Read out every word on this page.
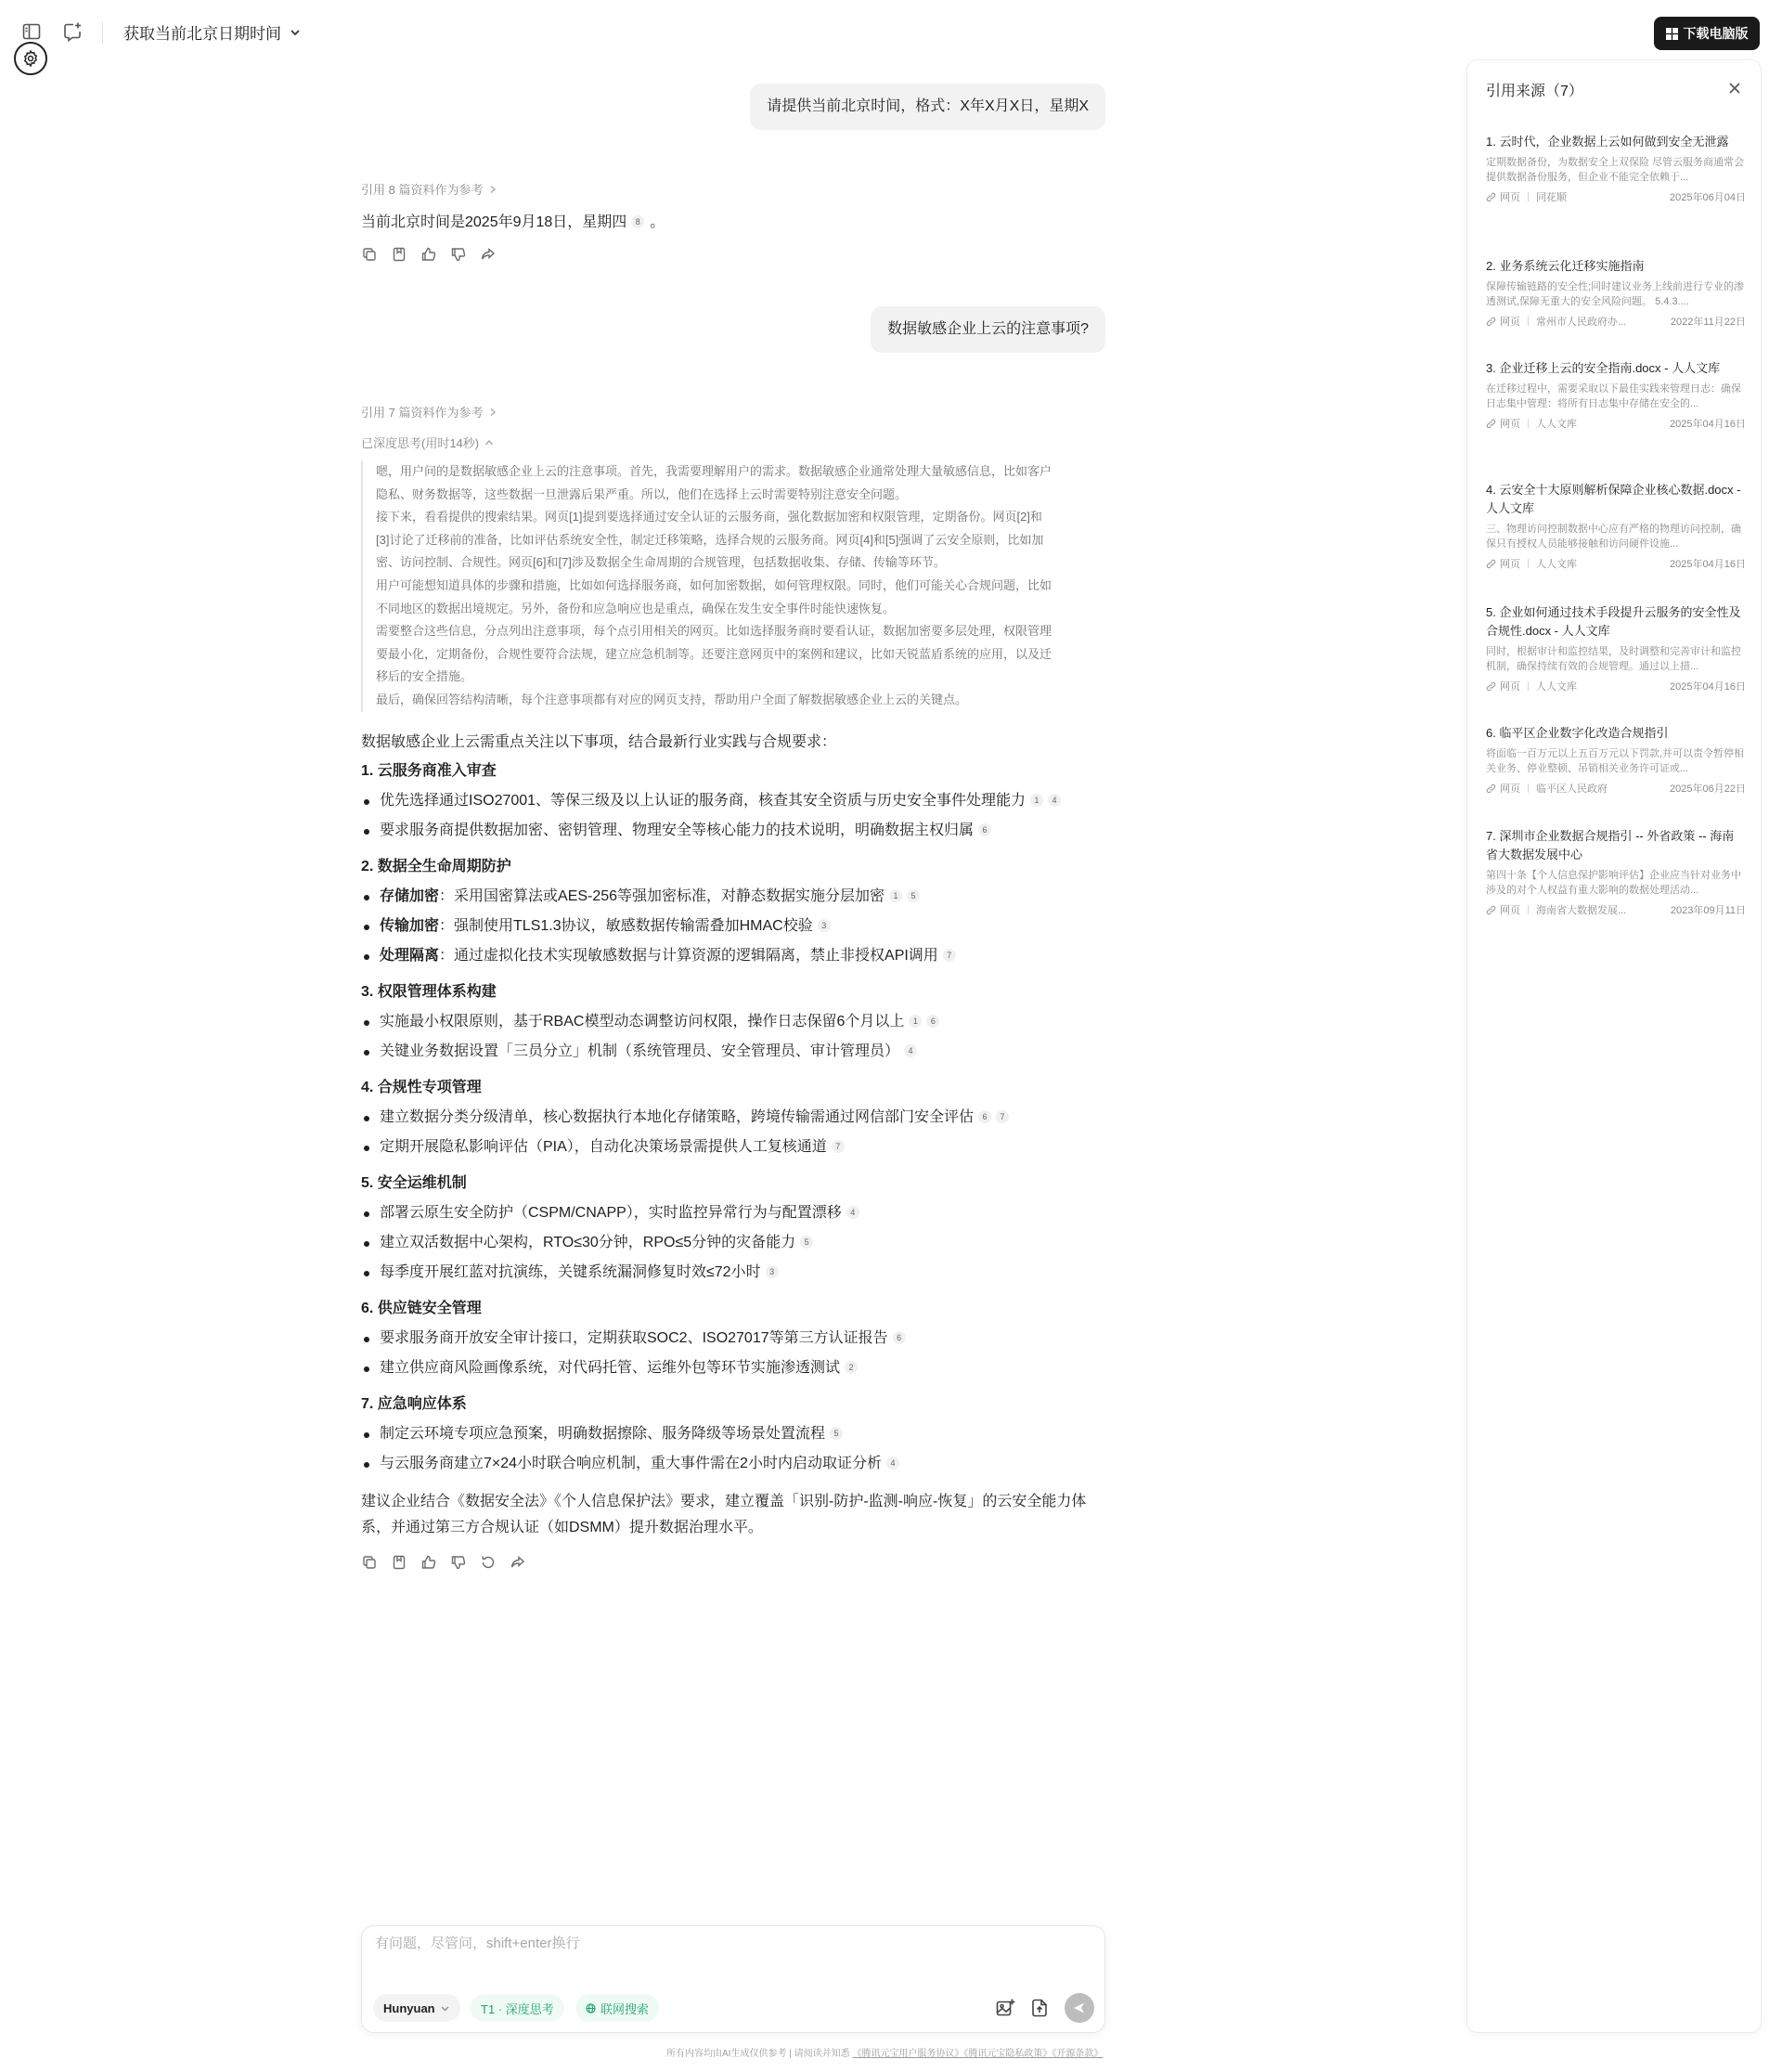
获取当前北京日期时间	下载电脑版
请提供当前北京时间，格式：X年X月X日，星期X
引用 8 篇资料作为参考
当前北京时间是2025年9月18日，星期四 8 。
数据敏感企业上云的注意事项?
引用 7 篇资料作为参考
已深度思考(用时14秒)
嗯，用户问的是数据敏感企业上云的注意事项。首先，我需要理解用户的需求。数据敏感企业通常处理大量敏感信息，比如客户
隐私、财务数据等，这些数据一旦泄露后果严重。所以，他们在选择上云时需要特别注意安全问题。
接下来，看看提供的搜索结果。网页[1]提到要选择通过安全认证的云服务商，强化数据加密和权限管理，定期备份。网页[2]和
[3]讨论了迁移前的准备，比如评估系统安全性，制定迁移策略，选择合规的云服务商。网页[4]和[5]强调了云安全原则，比如加
密、访问控制、合规性。网页[6]和[7]涉及数据全生命周期的合规管理，包括数据收集、存储、传输等环节。
用户可能想知道具体的步骤和措施，比如如何选择服务商，如何加密数据，如何管理权限。同时，他们可能关心合规问题，比如
不同地区的数据出境规定。另外，备份和应急响应也是重点，确保在发生安全事件时能快速恢复。
需要整合这些信息，分点列出注意事项，每个点引用相关的网页。比如选择服务商时要看认证，数据加密要多层处理，权限管理
要最小化，定期备份，合规性要符合法规，建立应急机制等。还要注意网页中的案例和建议，比如天锐蓝盾系统的应用，以及迁
移后的安全措施。
最后，确保回答结构清晰，每个注意事项都有对应的网页支持，帮助用户全面了解数据敏感企业上云的关键点。
数据敏感企业上云需重点关注以下事项，结合最新行业实践与合规要求：
1. 云服务商准入审查
优先选择通过ISO27001、等保三级及以上认证的服务商，核查其安全资质与历史安全事件处理能力 1 4
要求服务商提供数据加密、密钥管理、物理安全等核心能力的技术说明，明确数据主权归属 6
2. 数据全生命周期防护
存储加密：采用国密算法或AES-256等强加密标准，对静态数据实施分层加密 1 5
传输加密：强制使用TLS1.3协议，敏感数据传输需叠加HMAC校验 3
处理隔离：通过虚拟化技术实现敏感数据与计算资源的逻辑隔离，禁止非授权API调用 7
3. 权限管理体系构建
实施最小权限原则，基于RBAC模型动态调整访问权限，操作日志保留6个月以上 1 6
关键业务数据设置「三员分立」机制（系统管理员、安全管理员、审计管理员） 4
4. 合规性专项管理
建立数据分类分级清单，核心数据执行本地化存储策略，跨境传输需通过网信部门安全评估 6 7
定期开展隐私影响评估（PIA），自动化决策场景需提供人工复核通道 7
5. 安全运维机制
部署云原生安全防护（CSPM/CNAPP），实时监控异常行为与配置漂移 4
建立双活数据中心架构，RTO≤30分钟，RPO≤5分钟的灾备能力 5
每季度开展红蓝对抗演练，关键系统漏洞修复时效≤72小时 3
6. 供应链安全管理
要求服务商开放安全审计接口，定期获取SOC2、ISO27017等第三方认证报告 6
建立供应商风险画像系统，对代码托管、运维外包等环节实施渗透测试 2
7. 应急响应体系
制定云环境专项应急预案，明确数据擦除、服务降级等场景处置流程 5
与云服务商建立7×24小时联合响应机制，重大事件需在2小时内启动取证分析 4
建议企业结合《数据安全法》《个人信息保护法》要求，建立覆盖「识别-防护-监测-响应-恢复」的云安全能力体系，并通过第三方合规认证（如DSMM）提升数据治理水平。
有问题，尽管问，shift+enter换行
Hunyuan	T1 · 深度思考	联网搜索
所有内容均由AI生成仅供参考 | 请阅读并知悉 《腾讯元宝用户服务协议》《腾讯元宝隐私政策》《开源条款》
引用来源（7）
1. 云时代，企业数据上云如何做到安全无泄露
定期数据备份，为数据安全上双保险 尽管云服务商通常会提供数据备份服务，但企业不能完全依赖于...
网页 同花顺	2025年06月04日
2. 业务系统云化迁移实施指南
保障传输链路的安全性;同时建议业务上线前进行专业的渗透测试,保障无重大的安全风险问题。 5.4.3....
网页 常州市人民政府办...	2022年11月22日
3. 企业迁移上云的安全指南.docx - 人人文库
在迁移过程中，需要采取以下最佳实践来管理日志：确保日志集中管理：将所有日志集中存储在安全的...
网页 人人文库	2025年04月16日
4. 云安全十大原则解析保障企业核心数据.docx - 人人文库
三、物理访问控制数据中心应有严格的物理访问控制，确保只有授权人员能够接触和访问硬件设施...
网页 人人文库	2025年04月16日
5. 企业如何通过技术手段提升云服务的安全性及合规性.docx - 人人文库
同时，根据审计和监控结果，及时调整和完善审计和监控机制，确保持续有效的合规管理。通过以上措...
网页 人人文库	2025年04月16日
6. 临平区企业数字化改造合规指引
将面临一百万元以上五百万元以下罚款,并可以责令暂停相关业务、停业整顿、吊销相关业务许可证或...
网页 临平区人民政府	2025年06月22日
7. 深圳市企业数据合规指引 -- 外省政策 -- 海南省大数据发展中心
第四十条【个人信息保护影响评估】企业应当针对业务中涉及的对个人权益有重大影响的数据处理活动...
网页 海南省大数据发展...	2023年09月11日
